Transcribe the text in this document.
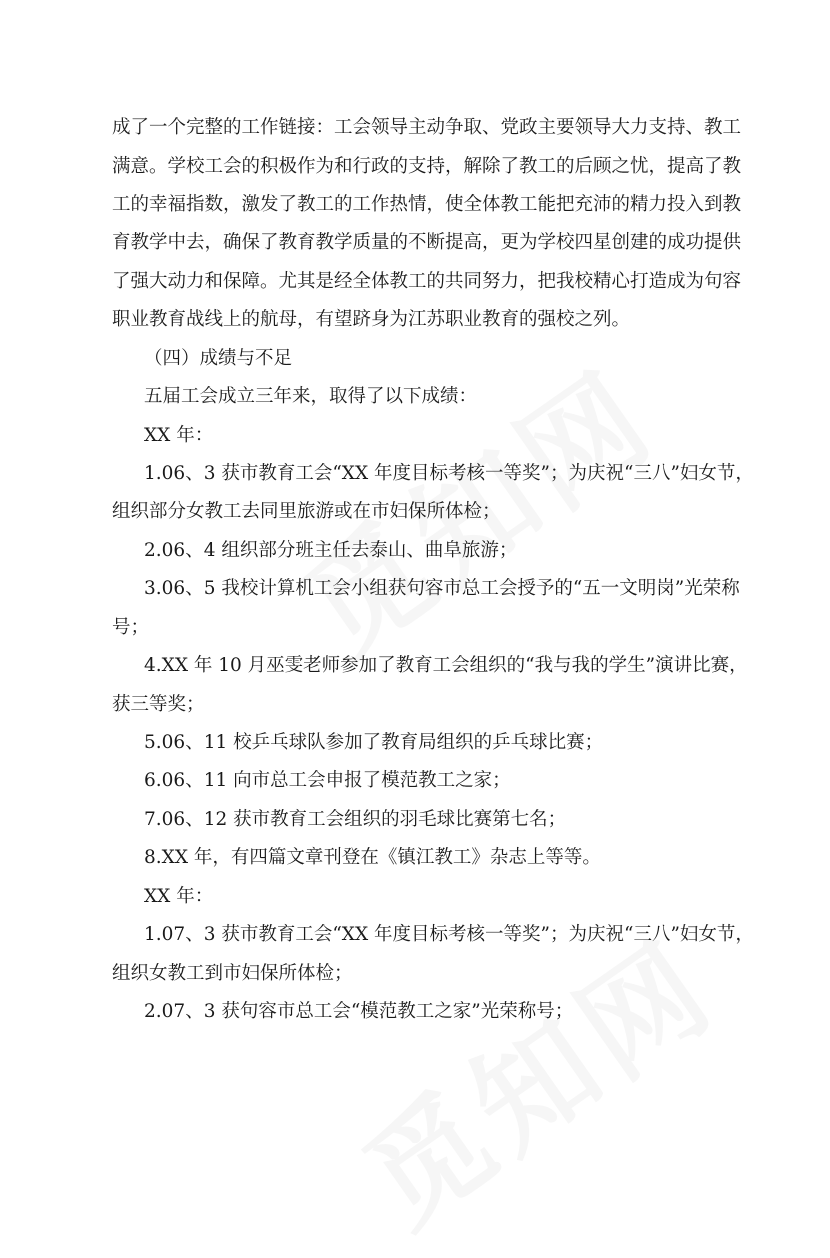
成了一个完整的工作链接：工会领导主动争取、党政主要领导大力支持、教工
满意。学校工会的积极作为和行政的支持，解除了教工的后顾之忧，提高了教
工的幸福指数，激发了教工的工作热情，使全体教工能把充沛的精力投入到教
育教学中去，确保了教育教学质量的不断提高，更为学校四星创建的成功提供
了强大动力和保障。尤其是经全体教工的共同努力，把我校精心打造成为句容
职业教育战线上的航母，有望跻身为江苏职业教育的强校之列。
（四）成绩与不足
五届工会成立三年来，取得了以下成绩：
XX 年：
1.06、3 获市教育工会“XX 年度目标考核一等奖”；为庆祝“三八”妇女节，
组织部分女教工去同里旅游或在市妇保所体检；
2.06、4 组织部分班主任去泰山、曲阜旅游；
3.06、5 我校计算机工会小组获句容市总工会授予的“五一文明岗”光荣称
号；
4.XX 年 10 月巫雯老师参加了教育工会组织的“我与我的学生”演讲比赛，
获三等奖；
5.06、11 校乒乓球队参加了教育局组织的乒乓球比赛；
6.06、11 向市总工会申报了模范教工之家；
7.06、12 获市教育工会组织的羽毛球比赛第七名；
8.XX 年，有四篇文章刊登在《镇江教工》杂志上等等。
XX 年：
1.07、3 获市教育工会“XX 年度目标考核一等奖”；为庆祝“三八”妇女节，
组织女教工到市妇保所体检；
2.07、3 获句容市总工会“模范教工之家”光荣称号；
